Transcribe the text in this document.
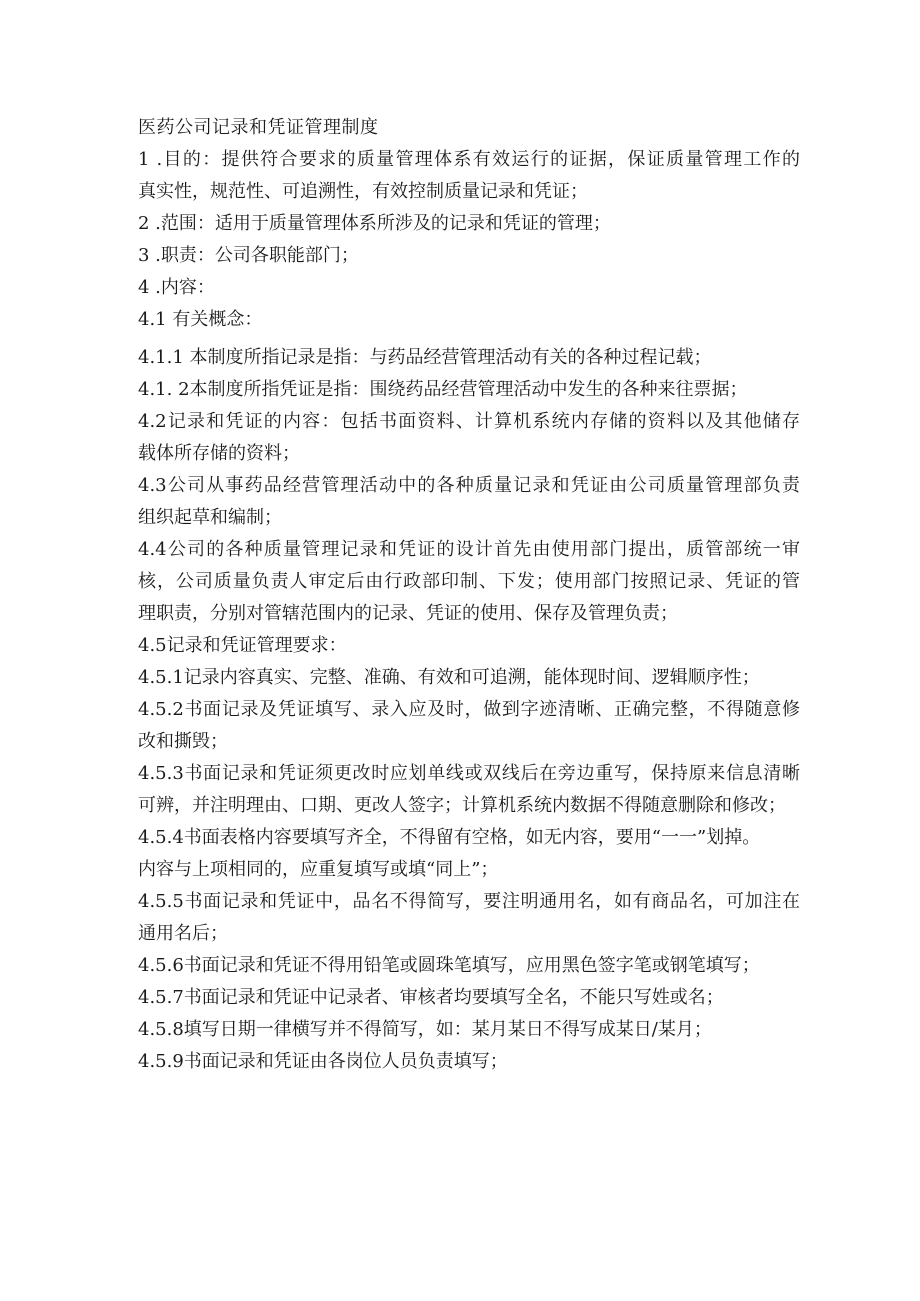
医药公司记录和凭证管理制度
1 .目的：提供符合要求的质量管理体系有效运行的证据，保证质量管理工作的
真实性，规范性、可追溯性，有效控制质量记录和凭证；
2 .范围：适用于质量管理体系所涉及的记录和凭证的管理；
3 .职责：公司各职能部门；
4 .内容：
4.1 有关概念：
4.1.1 本制度所指记录是指：与药品经营管理活动有关的各种过程记载；
4.1. 2本制度所指凭证是指：围绕药品经营管理活动中发生的各种来往票据；
4.2记录和凭证的内容：包括书面资料、计算机系统内存储的资料以及其他储存
载体所存储的资料；
4.3公司从事药品经营管理活动中的各种质量记录和凭证由公司质量管理部负责
组织起草和编制；
4.4公司的各种质量管理记录和凭证的设计首先由使用部门提出，质管部统一审
核，公司质量负责人审定后由行政部印制、下发；使用部门按照记录、凭证的管
理职责，分别对管辖范围内的记录、凭证的使用、保存及管理负责；
4.5记录和凭证管理要求：
4.5.1记录内容真实、完整、准确、有效和可追溯，能体现时间、逻辑顺序性；
4.5.2书面记录及凭证填写、录入应及时，做到字迹清晰、正确完整，不得随意修
改和撕毁；
4.5.3书面记录和凭证须更改时应划单线或双线后在旁边重写，保持原来信息清晰
可辨，并注明理由、口期、更改人签字；计算机系统内数据不得随意删除和修改；
4.5.4书面表格内容要填写齐全，不得留有空格，如无内容，要用“一一”划掉。
内容与上项相同的，应重复填写或填“同上”；
4.5.5书面记录和凭证中，品名不得简写，要注明通用名，如有商品名，可加注在
通用名后；
4.5.6书面记录和凭证不得用铅笔或圆珠笔填写，应用黑色签字笔或钢笔填写；
4.5.7书面记录和凭证中记录者、审核者均要填写全名，不能只写姓或名；
4.5.8填写日期一律横写并不得简写，如：某月某日不得写成某日/某月；
4.5.9书面记录和凭证由各岗位人员负责填写；
